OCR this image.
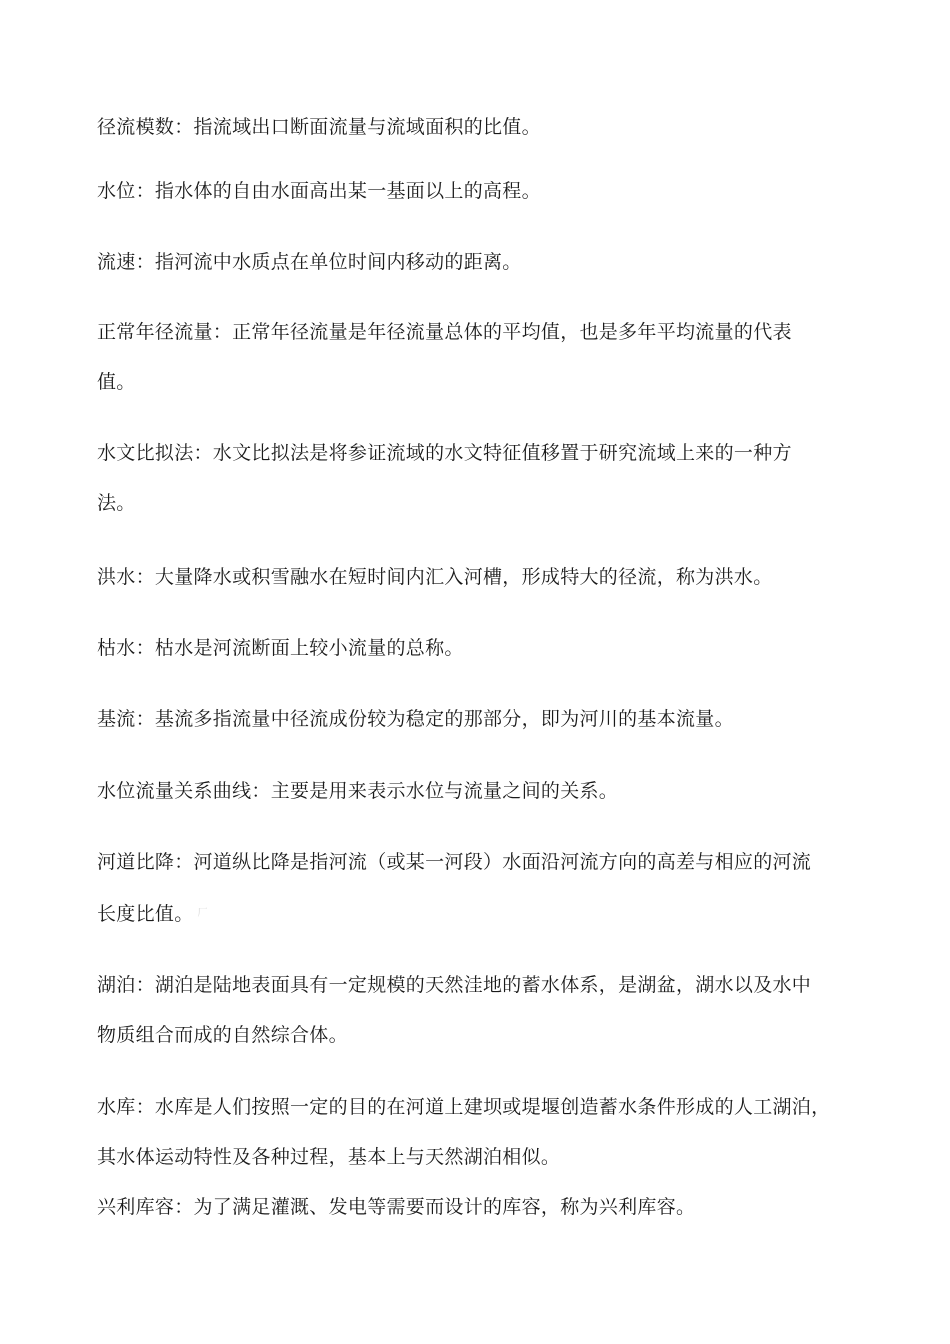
径流模数：指流域出口断面流量与流域面积的比值。
水位：指水体的自由水面高出某一基面以上的高程。
流速：指河流中水质点在单位时间内移动的距离。
正常年径流量：正常年径流量是年径流量总体的平均值，也是多年平均流量的代表
值。
水文比拟法：水文比拟法是将参证流域的水文特征值移置于研究流域上来的一种方
法。
洪水：大量降水或积雪融水在短时间内汇入河槽，形成特大的径流，称为洪水。
枯水：枯水是河流断面上较小流量的总称。
基流：基流多指流量中径流成份较为稳定的那部分，即为河川的基本流量。
水位流量关系曲线：主要是用来表示水位与流量之间的关系。
河道比降：河道纵比降是指河流（或某一河段）水面沿河流方向的高差与相应的河流
长度比值。 $^厂$
湖泊：湖泊是陆地表面具有一定规模的天然洼地的蓄水体系，是湖盆，湖水以及水中
物质组合而成的自然综合体。
水库：水库是人们按照一定的目的在河道上建坝或堤堰创造蓄水条件形成的人工湖泊，
其水体运动特性及各种过程，基本上与天然湖泊相似。
兴利库容：为了满足灌溉、发电等需要而设计的库容，称为兴利库容。
